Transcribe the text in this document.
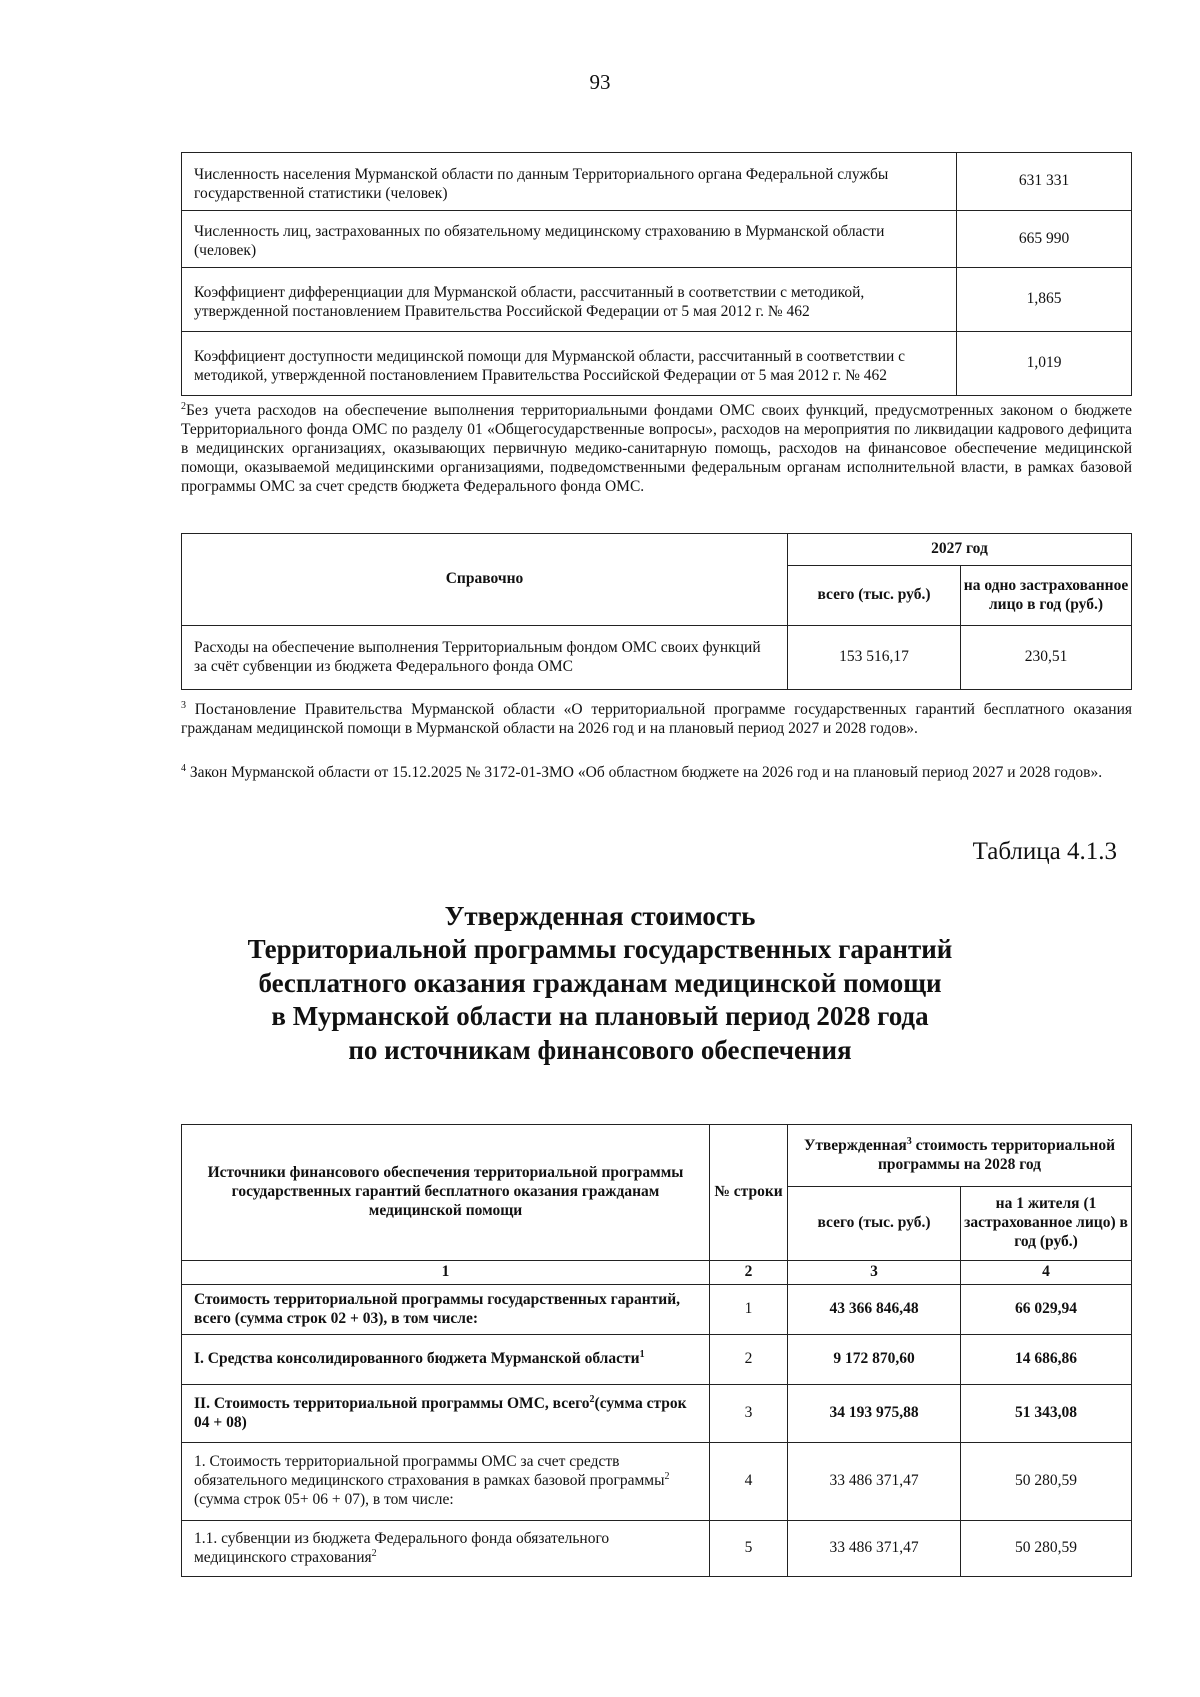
93
Численность населения Мурманской области по данным Территориального органа Федеральной службы государственной статистики (человек)	631 331
Численность лиц, застрахованных по обязательному медицинскому страхованию в Мурманской области (человек)	665 990
Коэффициент дифференциации для Мурманской области, рассчитанный в соответствии с методикой, утвержденной постановлением Правительства Российской Федерации от 5 мая 2012 г. № 462	1,865
Коэффициент доступности медицинской помощи для Мурманской области, рассчитанный в соответствии с методикой, утвержденной постановлением Правительства Российской Федерации от 5 мая 2012 г. № 462	1,019
$^2$Без учета расходов на обеспечение выполнения территориальными фондами ОМС своих функций, предусмотренных законом о бюджете Территориального фонда ОМС по разделу 01 «Общегосударственные вопросы», расходов на мероприятия по ликвидации кадрового дефицита в медицинских организациях, оказывающих первичную медико-санитарную помощь, расходов на финансовое обеспечение медицинской помощи, оказываемой медицинскими организациями, подведомственными федеральным органам исполнительной власти, в рамках базовой программы ОМС за счет средств бюджета Федерального фонда ОМС.
Справочно	2027 год	
	всего (тыс. руб.)	на одно застрахованное лицо в год (руб.)
Расходы на обеспечение выполнения Территориальным фондом ОМС своих функций за счёт субвенции из бюджета Федерального фонда ОМС	153 516,17	230,51
$^3$ Постановление Правительства Мурманской области «О территориальной программе государственных гарантий бесплатного оказания гражданам медицинской помощи в Мурманской области на 2026 год и на плановый период 2027 и 2028 годов».
$^4$ Закон Мурманской области от 15.12.2025 № 3172-01-ЗМО «Об областном бюджете на 2026 год и на плановый период 2027 и 2028 годов».
Таблица 4.1.3
Утвержденная стоимость
Территориальной программы государственных гарантий
бесплатного оказания гражданам медицинской помощи
в Мурманской области на плановый период 2028 года
по источникам финансового обеспечения
Источники финансового обеспечения территориальной программы государственных гарантий бесплатного оказания гражданам медицинской помощи	№ строки	Утвержденная$^3$ стоимость территориальной программы на 2028 год	
		всего (тыс. руб.)	на 1 жителя (1 застрахованное лицо) в год (руб.)
1	2	3	4
Стоимость территориальной программы государственных гарантий, всего (сумма строк 02 + 03), в том числе:	1	43 366 846,48	66 029,94
I. Средства консолидированного бюджета Мурманской области$^1$	2	9 172 870,60	14 686,86
II. Стоимость территориальной программы ОМС, всего$^2$(сумма строк 04 + 08)	3	34 193 975,88	51 343,08
1. Стоимость территориальной программы ОМС за счет средств обязательного медицинского страхования в рамках базовой программы$^2$ (сумма строк 05+ 06 + 07), в том числе:	4	33 486 371,47	50 280,59
1.1. субвенции из бюджета Федерального фонда обязательного медицинского страхования$^2$	5	33 486 371,47	50 280,59
